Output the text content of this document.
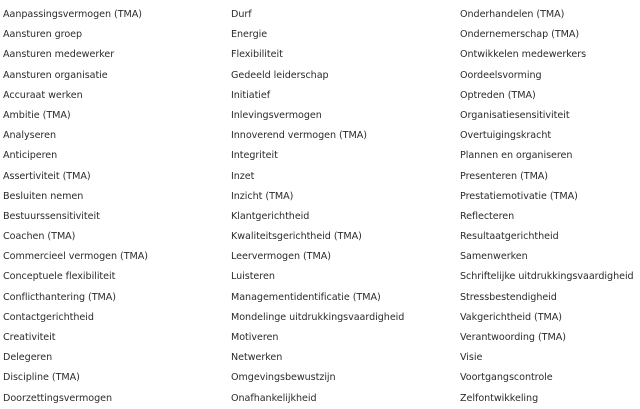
Aanpassingsvermogen (TMA)
Aansturen groep
Aansturen medewerker
Aansturen organisatie
Accuraat werken
Ambitie (TMA)
Analyseren
Anticiperen
Assertiviteit (TMA)
Besluiten nemen
Bestuurssensitiviteit
Coachen (TMA)
Commercieel vermogen (TMA)
Conceptuele flexibiliteit
Conflicthantering (TMA)
Contactgerichtheid
Creativiteit
Delegeren
Discipline (TMA)
Doorzettingsvermogen
Durf
Energie
Flexibiliteit
Gedeeld leiderschap
Initiatief
Inlevingsvermogen
Innoverend vermogen (TMA)
Integriteit
Inzet
Inzicht (TMA)
Klantgerichtheid
Kwaliteitsgerichtheid (TMA)
Leervermogen (TMA)
Luisteren
Managementidentificatie (TMA)
Mondelinge uitdrukkingsvaardigheid
Motiveren
Netwerken
Omgevingsbewustzijn
Onafhankelijkheid
Onderhandelen (TMA)
Ondernemerschap (TMA)
Ontwikkelen medewerkers
Oordeelsvorming
Optreden (TMA)
Organisatiesensitiviteit
Overtuigingskracht
Plannen en organiseren
Presenteren (TMA)
Prestatiemotivatie (TMA)
Reflecteren
Resultaatgerichtheid
Samenwerken
Schriftelijke uitdrukkingsvaardigheid
Stressbestendigheid
Vakgerichtheid (TMA)
Verantwoording (TMA)
Visie
Voortgangscontrole
Zelfontwikkeling
